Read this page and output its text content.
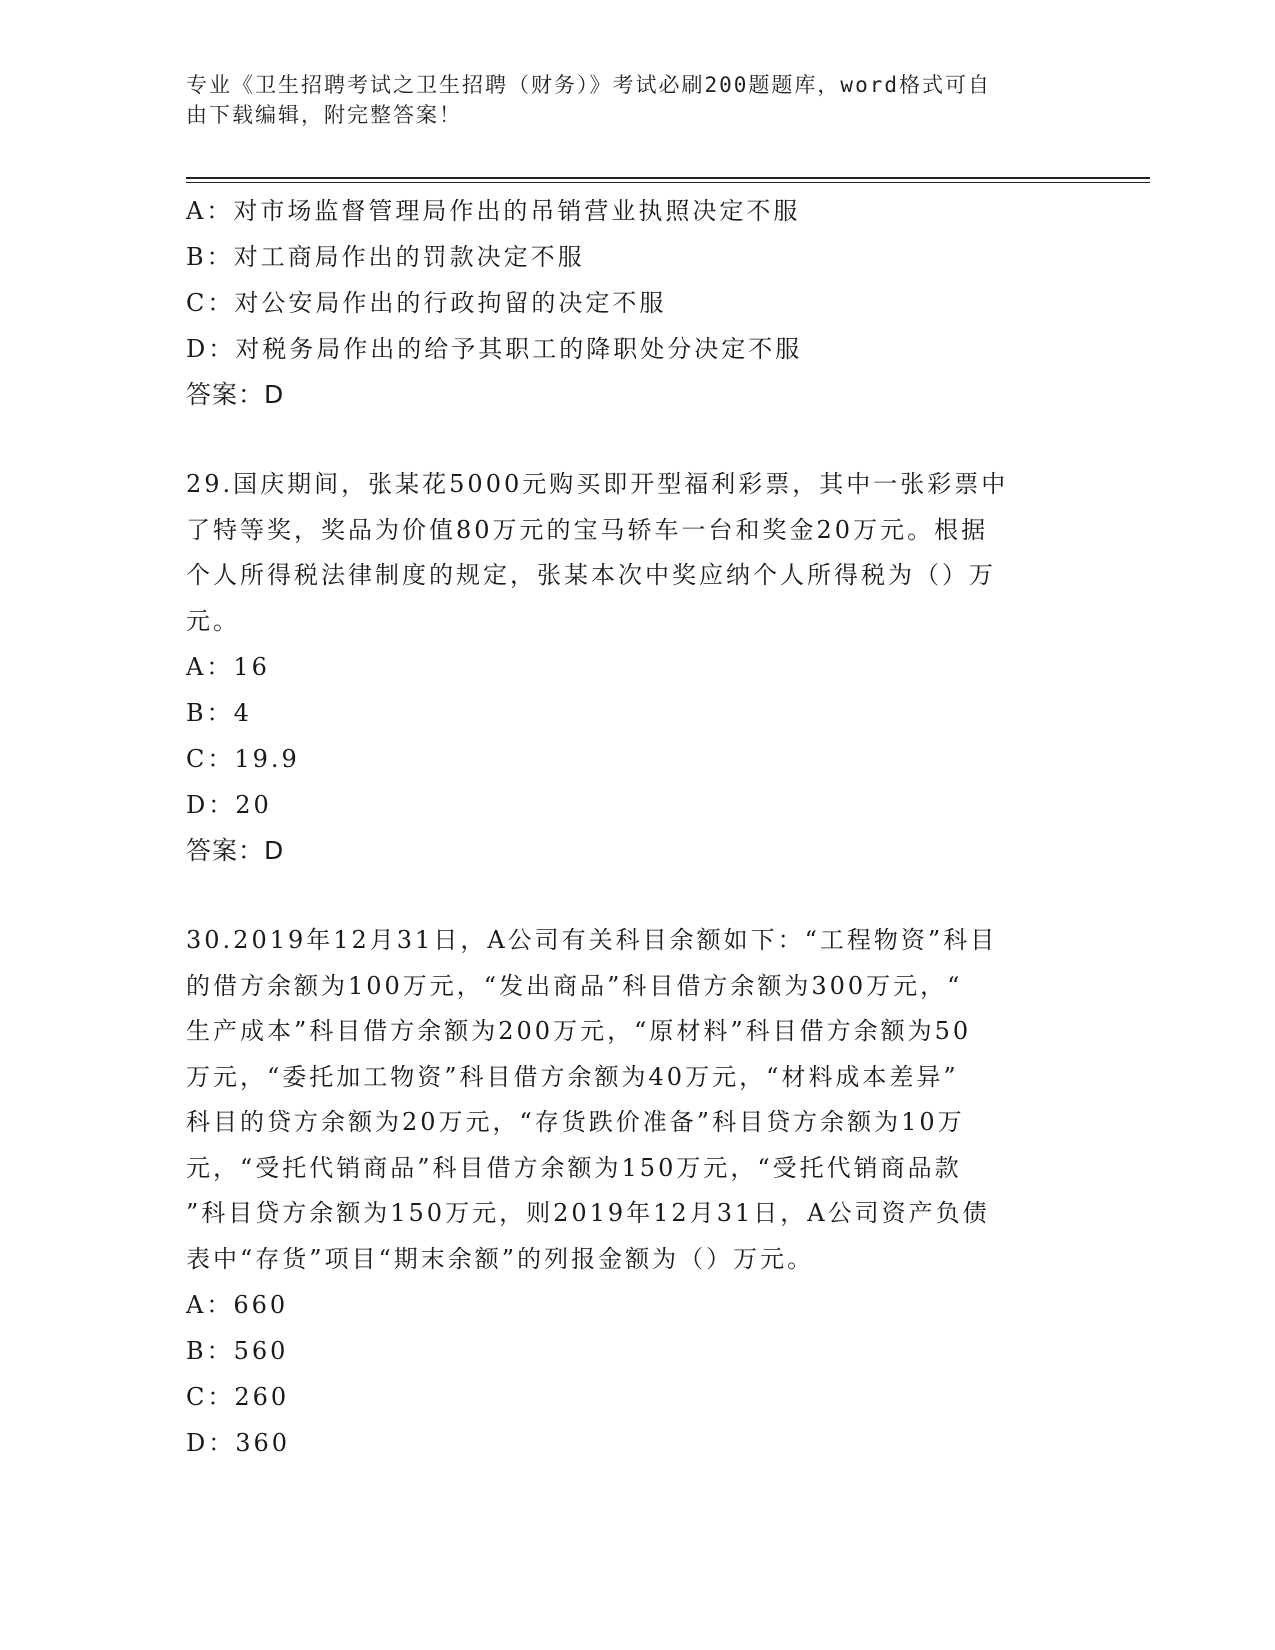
专业《卫生招聘考试之卫生招聘（财务）》考试必刷200题题库，word格式可自
由下载编辑，附完整答案！
A：对市场监督管理局作出的吊销营业执照决定不服
B：对工商局作出的罚款决定不服
C：对公安局作出的行政拘留的决定不服
D：对税务局作出的给予其职工的降职处分决定不服
答案：D
29.国庆期间，张某花5000元购买即开型福利彩票，其中一张彩票中
了特等奖，奖品为价值80万元的宝马轿车一台和奖金20万元。根据
个人所得税法律制度的规定，张某本次中奖应纳个人所得税为（）万
元。
A：16
B：4
C：19.9
D：20
答案：D
30.2019年12月31日，A公司有关科目余额如下：“工程物资”科目
的借方余额为100万元，“发出商品”科目借方余额为300万元，“
生产成本”科目借方余额为200万元，“原材料”科目借方余额为50
万元，“委托加工物资”科目借方余额为40万元，“材料成本差异”
科目的贷方余额为20万元，“存货跌价准备”科目贷方余额为10万
元，“受托代销商品”科目借方余额为150万元，“受托代销商品款
”科目贷方余额为150万元，则2019年12月31日，A公司资产负债
表中“存货”项目“期末余额”的列报金额为（）万元。
A：660
B：560
C：260
D：360
